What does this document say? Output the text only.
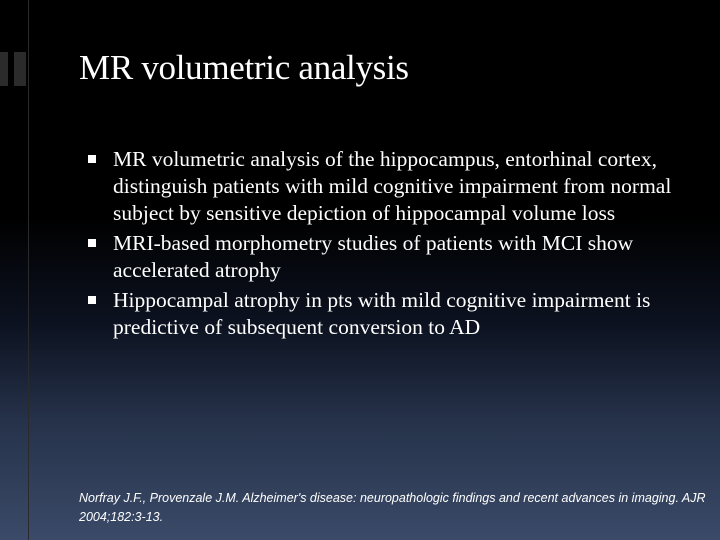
MR volumetric analysis
MR volumetric analysis of the hippocampus, entorhinal cortex, distinguish patients with mild cognitive impairment from normal subject by sensitive depiction of hippocampal volume loss
MRI-based morphometry studies of patients with MCI show accelerated atrophy
Hippocampal atrophy in pts with mild cognitive impairment is predictive of subsequent conversion to AD
Norfray J.F., Provenzale J.M. Alzheimer's disease: neuropathologic findings and recent advances in imaging. AJR 2004;182:3-13.
